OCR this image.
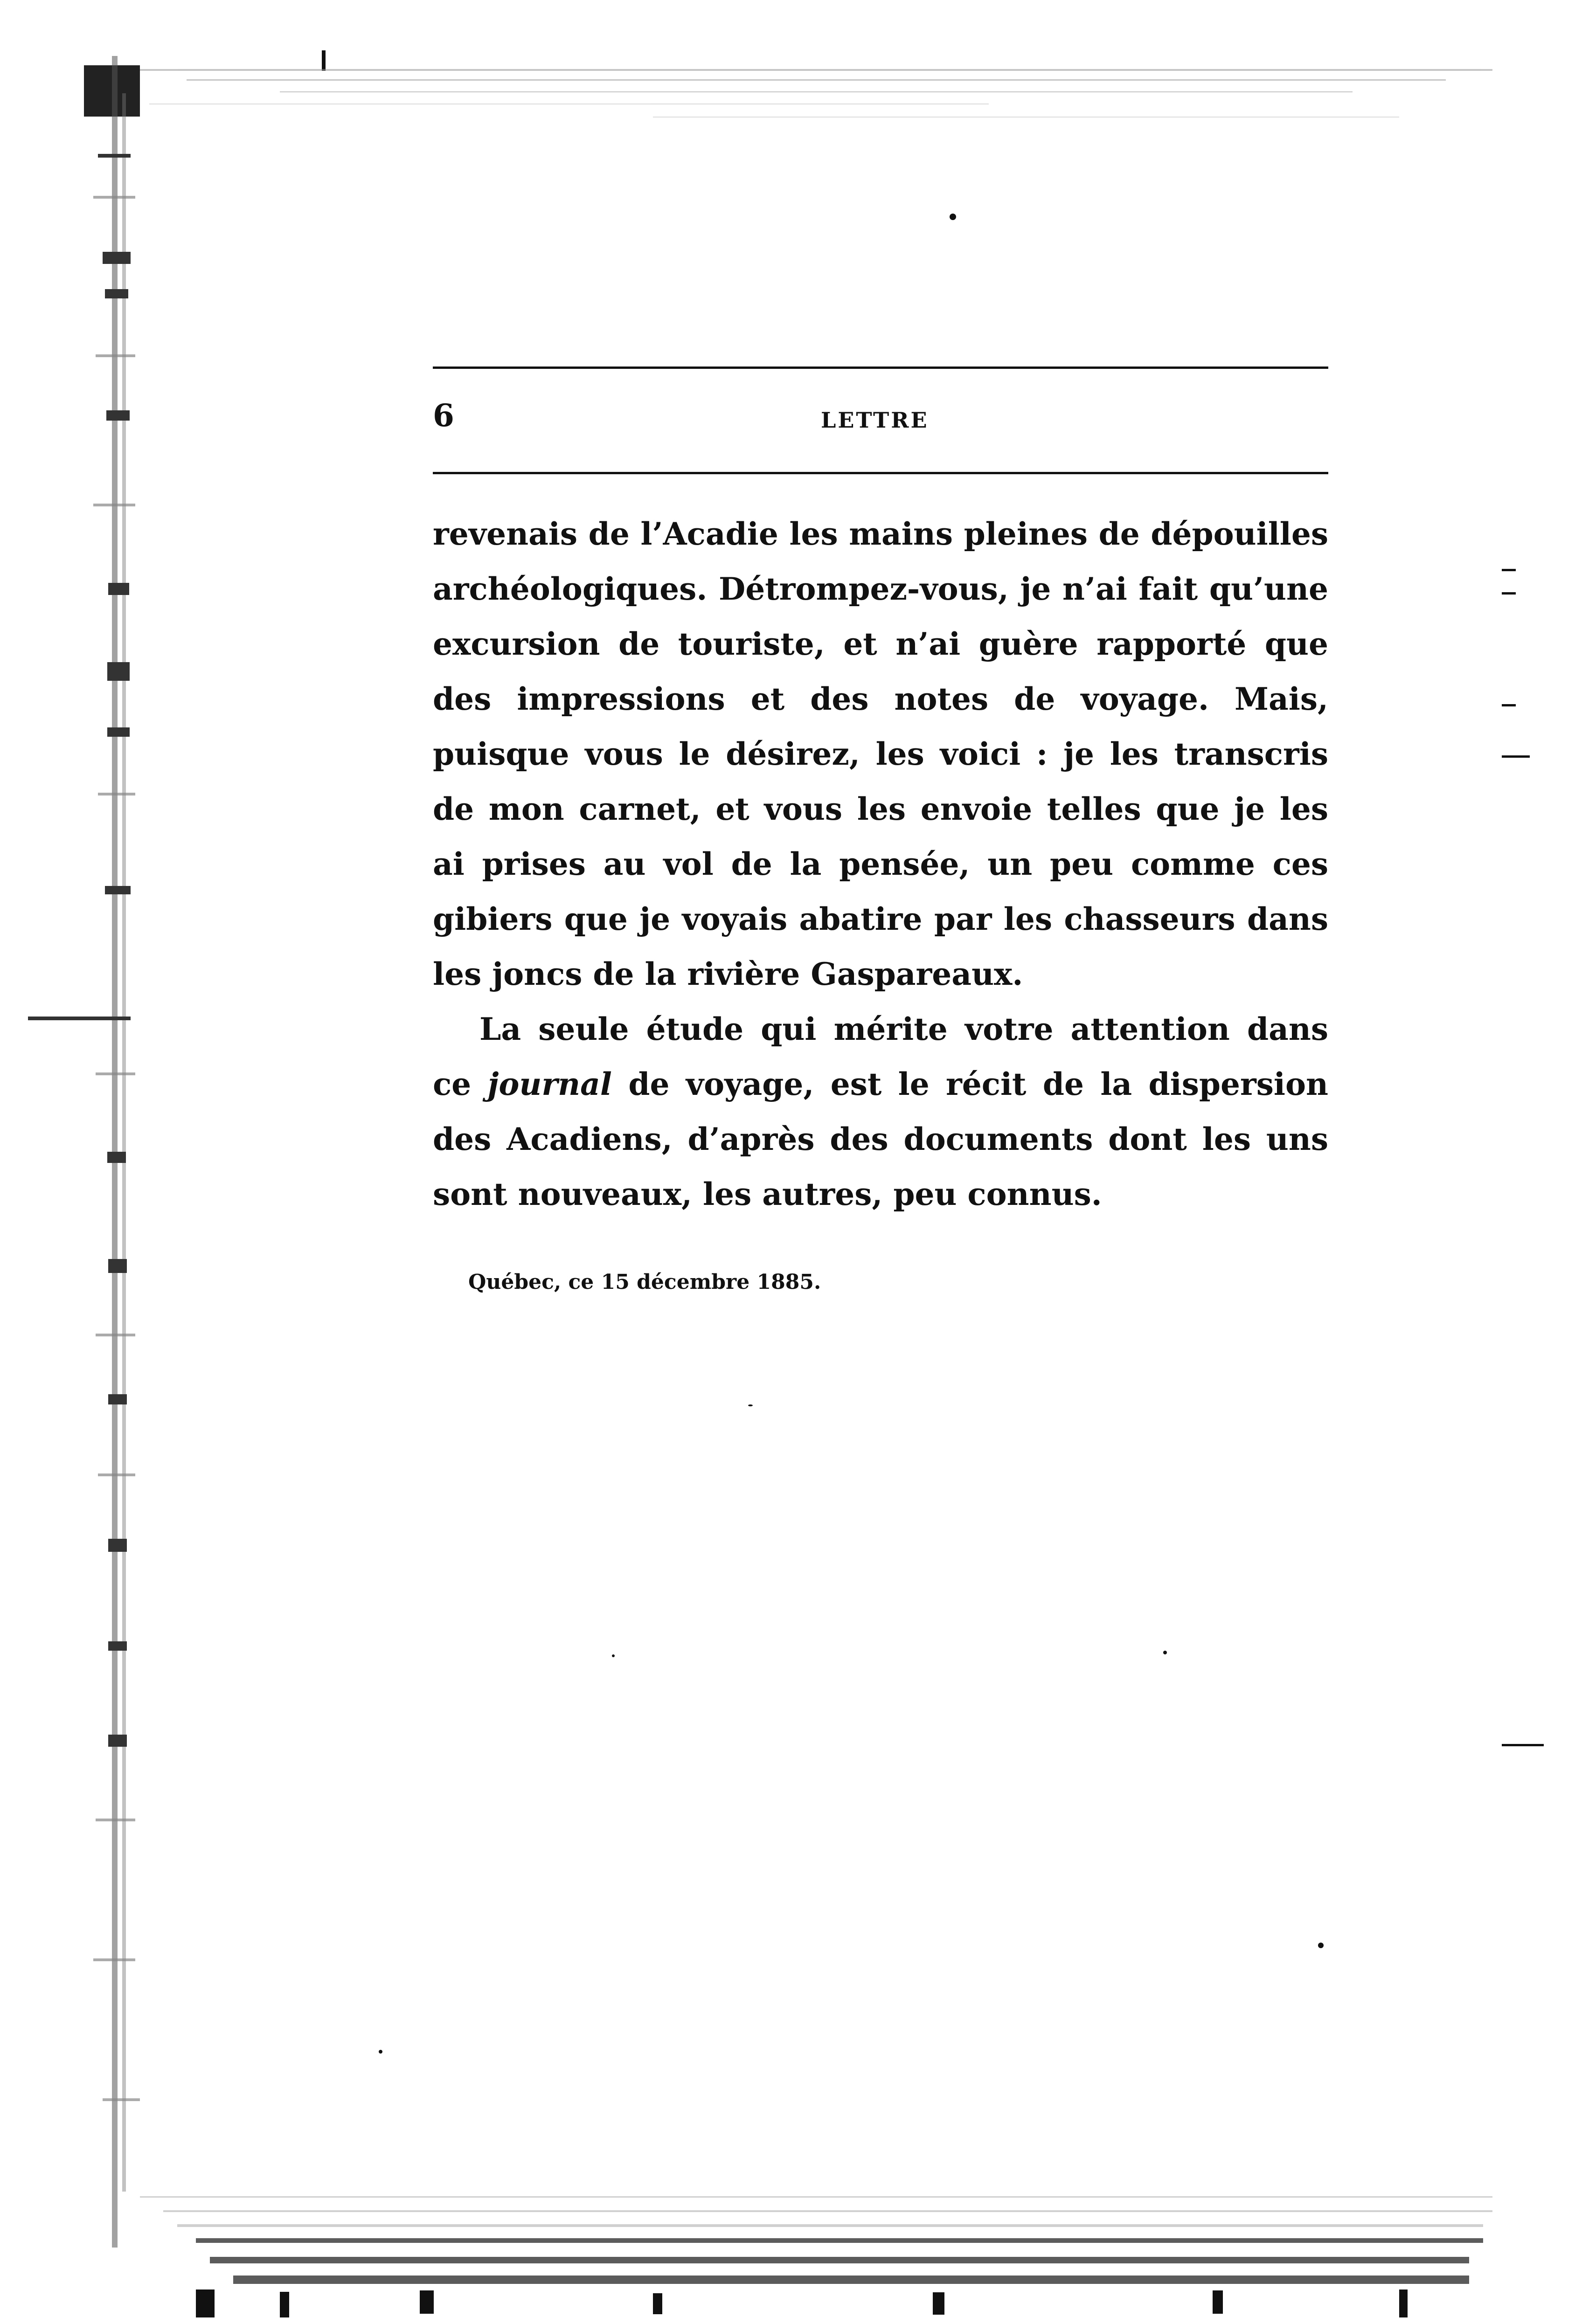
6	LETTRE
revenais de l’Acadie les mains pleines de dépouilles
archéologiques. Détrompez-vous, je n’ai fait qu’une
excursion de touriste, et n’ai guère rapporté que
des impressions et des notes de voyage. Mais,
puisque vous le désirez, les voici : je les transcris
de mon carnet, et vous les envoie telles que je les
ai prises au vol de la pensée, un peu comme ces
gibiers que je voyais abatire par les chasseurs dans
les joncs de la rivière Gaspareaux.
La seule étude qui mérite votre attention dans
ce journal de voyage, est le récit de la dispersion
des Acadiens, d’après des documents dont les uns
sont nouveaux, les autres, peu connus.
Québec, ce 15 décembre 1885.
